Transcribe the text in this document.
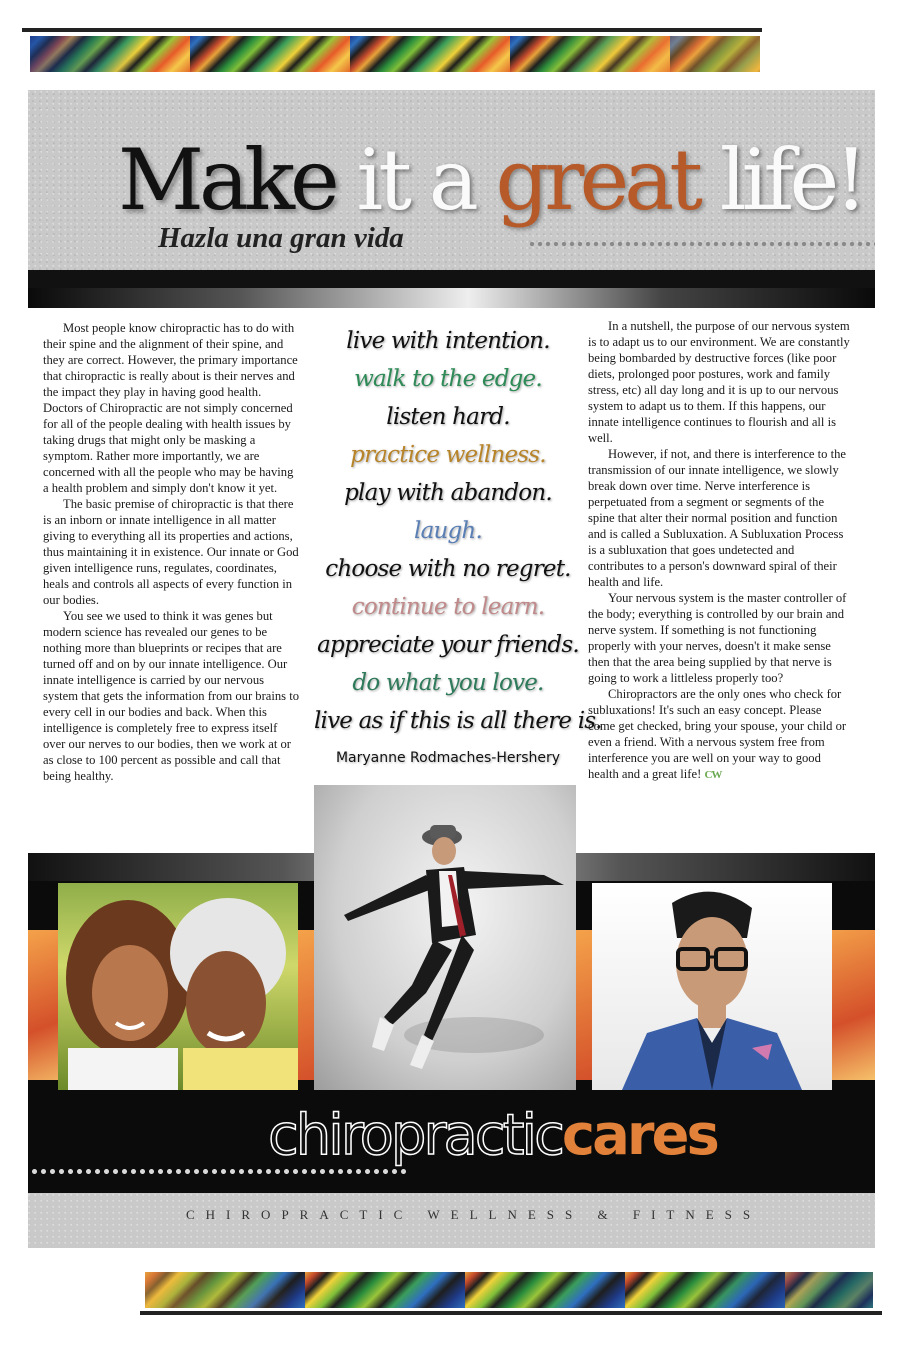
Make it a great life!
Hazla una gran vida

Most people know chiropractic has to do with their spine and the alignment of their spine, and they are correct. However, the primary importance that chiropractic is really about is their nerves and the impact they play in having good health. Doctors of Chiropractic are not simply concerned for all of the people dealing with health issues by taking drugs that might only be masking a symptom. Rather more importantly, we are concerned with all the people who may be having a health problem and simply don't know it yet.

The basic premise of chiropractic is that there is an inborn or innate intelligence in all matter giving to everything all its properties and actions, thus maintaining it in existence. Our innate or God given intelligence runs, regulates, coordinates, heals and controls all aspects of every function in our bodies.

You see we used to think it was genes but modern science has revealed our genes to be nothing more than blueprints or recipes that are turned off and on by our innate intelligence. Our innate intelligence is carried by our nervous system that gets the information from our brains to every cell in our bodies and back. When this intelligence is completely free to express itself over our nerves to our bodies, then we work at or as close to 100 percent as possible and call that being healthy.

live with intention.
walk to the edge.
listen hard.
practice wellness.
play with abandon.
laugh.
choose with no regret.
continue to learn.
appreciate your friends.
do what you love.
live as if this is all there is.
Maryanne Rodmaches-Hershery

In a nutshell, the purpose of our nervous system is to adapt us to our environment. We are constantly being bombarded by destructive forces (like poor diets, prolonged poor postures, work and family stress, etc) all day long and it is up to our nervous system to adapt us to them. If this happens, our innate intelligence continues to flourish and all is well.

However, if not, and there is interference to the transmission of our innate intelligence, we slowly break down over time. Nerve interference is perpetuated from a segment or segments of the spine that alter their normal position and function and is called a Subluxation. A Subluxation Process is a subluxation that goes undetected and contributes to a person's downward spiral of their health and life.

Your nervous system is the master controller of the body; everything is controlled by our brain and nerve system. If something is not functioning properly with your nerves, doesn't it make sense then that the area being supplied by that nerve is going to work a littleless properly too?

Chiropractors are the only ones who check for subluxations! It's such an easy concept. Please come get checked, bring your spouse, your child or even a friend. With a nervous system free from interference you are well on your way to good health and a great life! CW

chiropracticcares
CHIROPRACTIC WELLNESS & FITNESS
